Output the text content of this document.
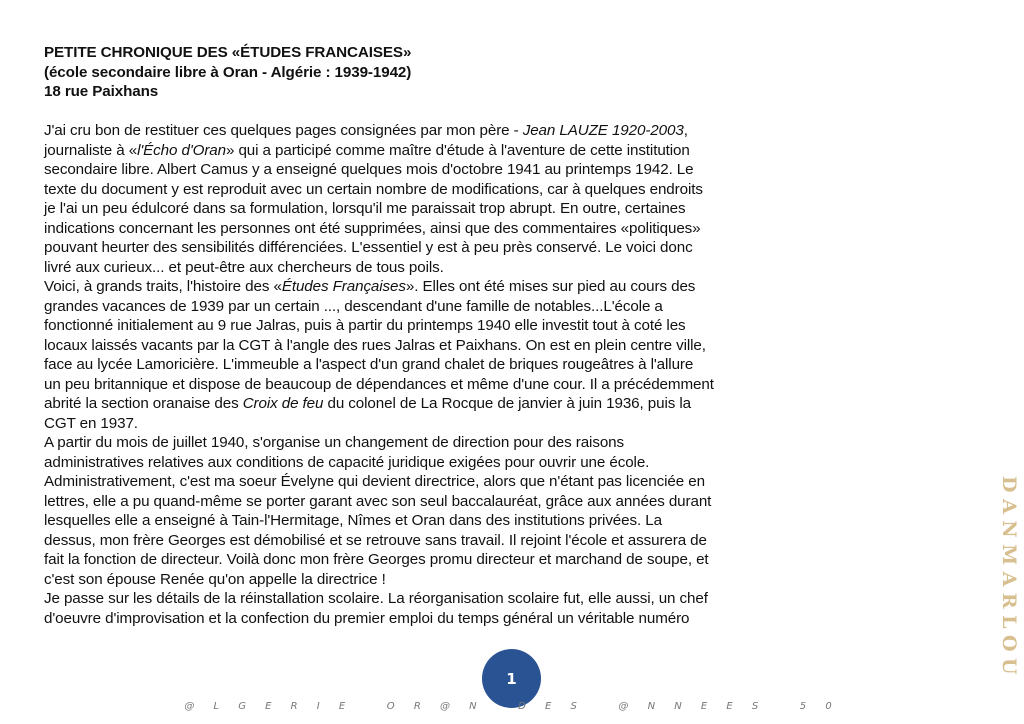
PETITE CHRONIQUE DES «ÉTUDES FRANCAISES»
(école secondaire libre à Oran - Algérie : 1939-1942)
18 rue Paixhans
J'ai cru bon de restituer ces quelques pages consignées par mon père - Jean LAUZE 1920-2003,
journaliste à «l'Écho d'Oran» qui a participé comme maître d'étude à l'aventure de cette institution
secondaire libre. Albert Camus y a enseigné quelques mois d'octobre 1941 au printemps 1942. Le
texte du document y est reproduit avec un certain nombre de modifications, car à quelques endroits
je l'ai un peu édulcoré dans sa formulation, lorsqu'il me paraissait trop abrupt. En outre, certaines
indications concernant les personnes ont été supprimées, ainsi que des commentaires «politiques»
pouvant heurter des sensibilités différenciées. L'essentiel y est à peu près conservé. Le voici donc
livré aux curieux... et peut-être aux chercheurs de tous poils.
Voici, à grands traits, l'histoire des «Études Françaises». Elles ont été mises sur pied au cours des
grandes vacances de 1939 par un certain ..., descendant d'une famille de notables...L'école a
fonctionné initialement au 9 rue Jalras, puis à partir du printemps 1940 elle investit tout à coté les
locaux laissés vacants par la CGT à l'angle des rues Jalras et Paixhans. On est en plein centre ville,
face au lycée Lamoricière. L'immeuble a l'aspect d'un grand chalet de briques rougeâtres à l'allure
un peu britannique et dispose de beaucoup de dépendances et même d'une cour. Il a précédemment
abrité la section oranaise des Croix de feu du colonel de La Rocque de janvier à juin 1936, puis la
CGT en 1937.
A partir du mois de juillet 1940, s'organise un changement de direction pour des raisons
administratives relatives aux conditions de capacité juridique exigées pour ouvrir une école.
Administrativement, c'est ma soeur Évelyne qui devient directrice, alors que n'étant pas licenciée en
lettres, elle a pu quand-même se porter garant avec son seul baccalauréat, grâce aux années durant
lesquelles elle a enseigné à Tain-l'Hermitage, Nîmes et Oran dans des institutions privées. La
dessus, mon frère Georges est démobilisé et se retrouve sans travail. Il rejoint l'école et assurera de
fait la fonction de directeur. Voilà donc mon frère Georges promu directeur et marchand de soupe, et
c'est son épouse Renée qu'on appelle la directrice !
Je passe sur les détails de la réinstallation scolaire. La réorganisation scolaire fut, elle aussi, un chef
d'oeuvre d'improvisation et la confection du premier emploi du temps général un véritable numéro	DANMARLOU
1
@ L G E R I E   O R @ N   D E S   @ N N E E S   5 0
